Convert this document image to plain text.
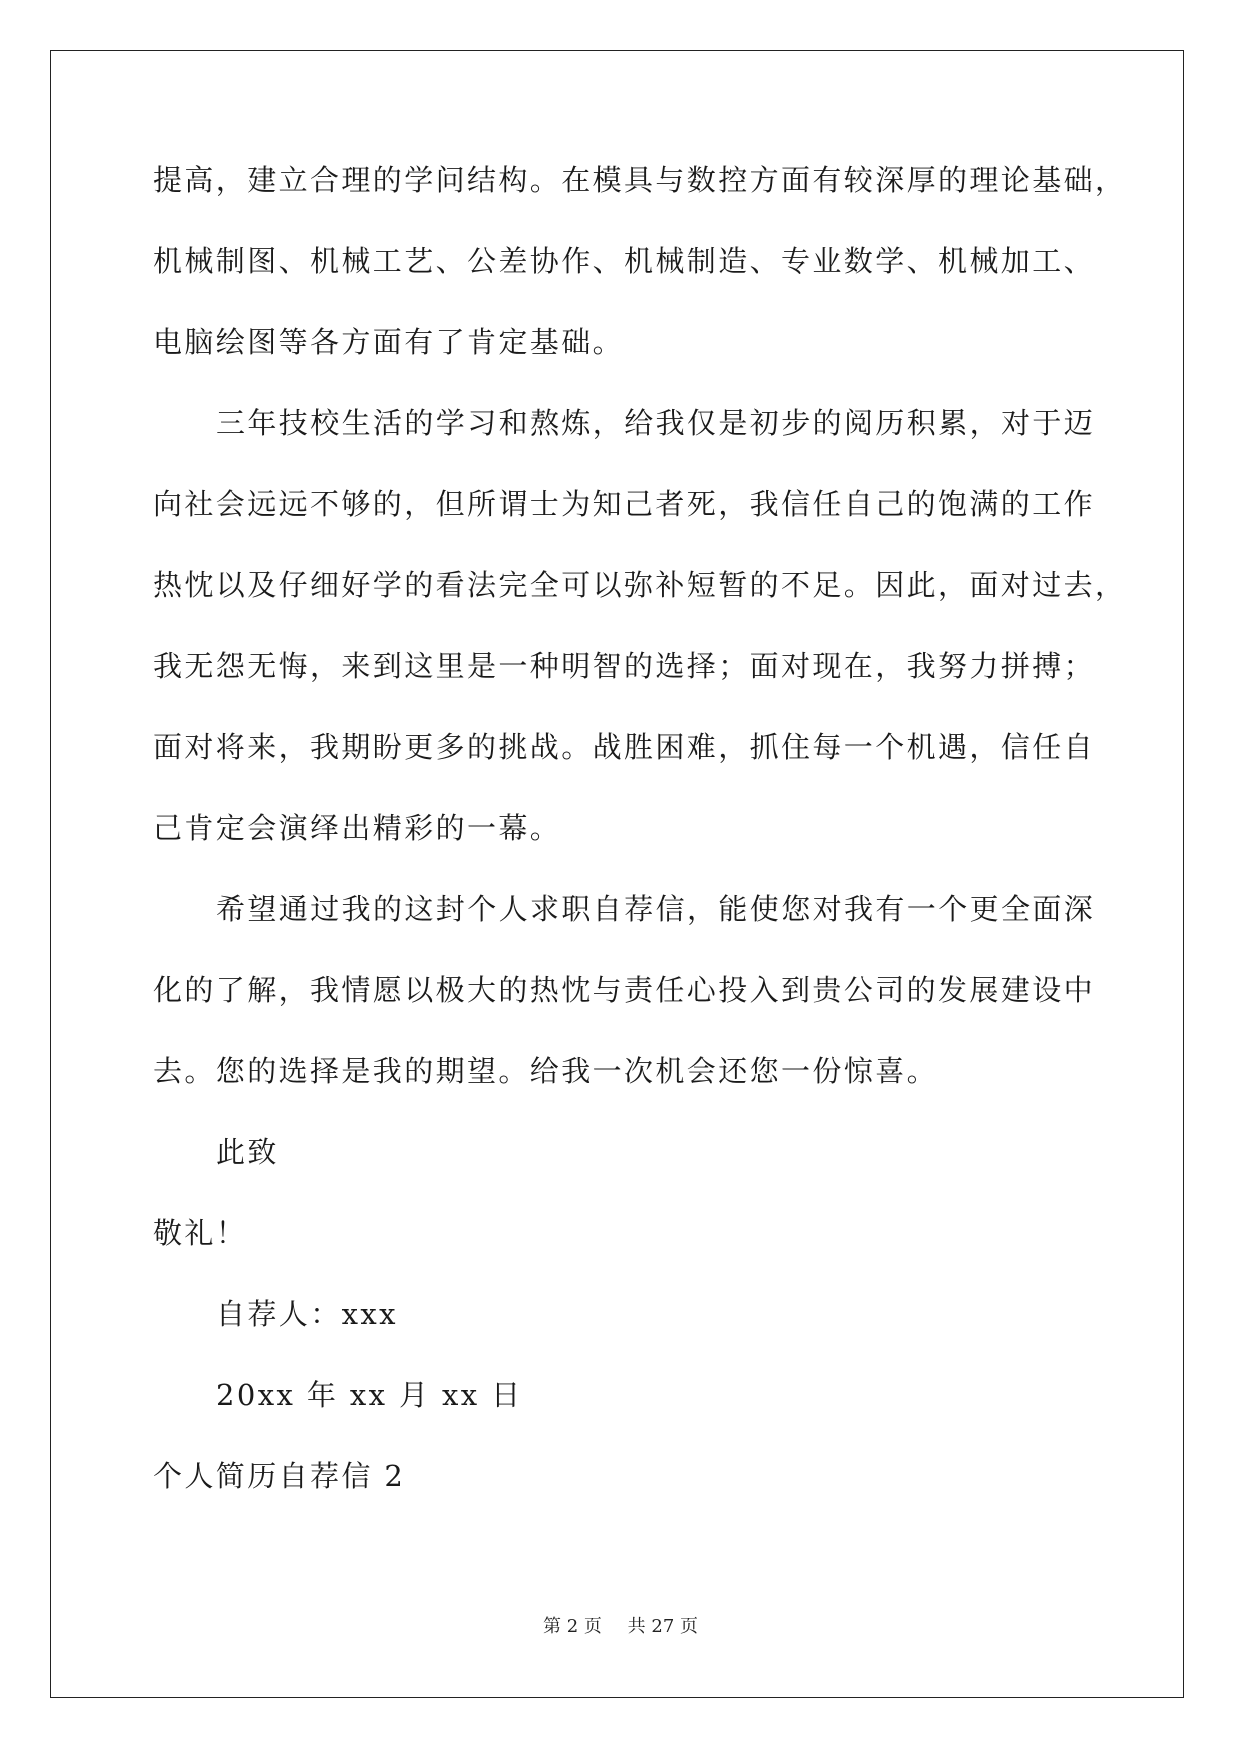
提高，建立合理的学问结构。在模具与数控方面有较深厚的理论基础，
机械制图、机械工艺、公差协作、机械制造、专业数学、机械加工、
电脑绘图等各方面有了肯定基础。
三年技校生活的学习和熬炼，给我仅是初步的阅历积累，对于迈
向社会远远不够的，但所谓士为知己者死，我信任自己的饱满的工作
热忱以及仔细好学的看法完全可以弥补短暂的不足。因此，面对过去，
我无怨无悔，来到这里是一种明智的选择；面对现在，我努力拼搏；
面对将来，我期盼更多的挑战。战胜困难，抓住每一个机遇，信任自
己肯定会演绎出精彩的一幕。
希望通过我的这封个人求职自荐信，能使您对我有一个更全面深
化的了解，我情愿以极大的热忱与责任心投入到贵公司的发展建设中
去。您的选择是我的期望。给我一次机会还您一份惊喜。
此致
敬礼！
自荐人：xxx
20xx 年 xx 月 xx 日
个人简历自荐信 2
第 2 页 共 27 页
